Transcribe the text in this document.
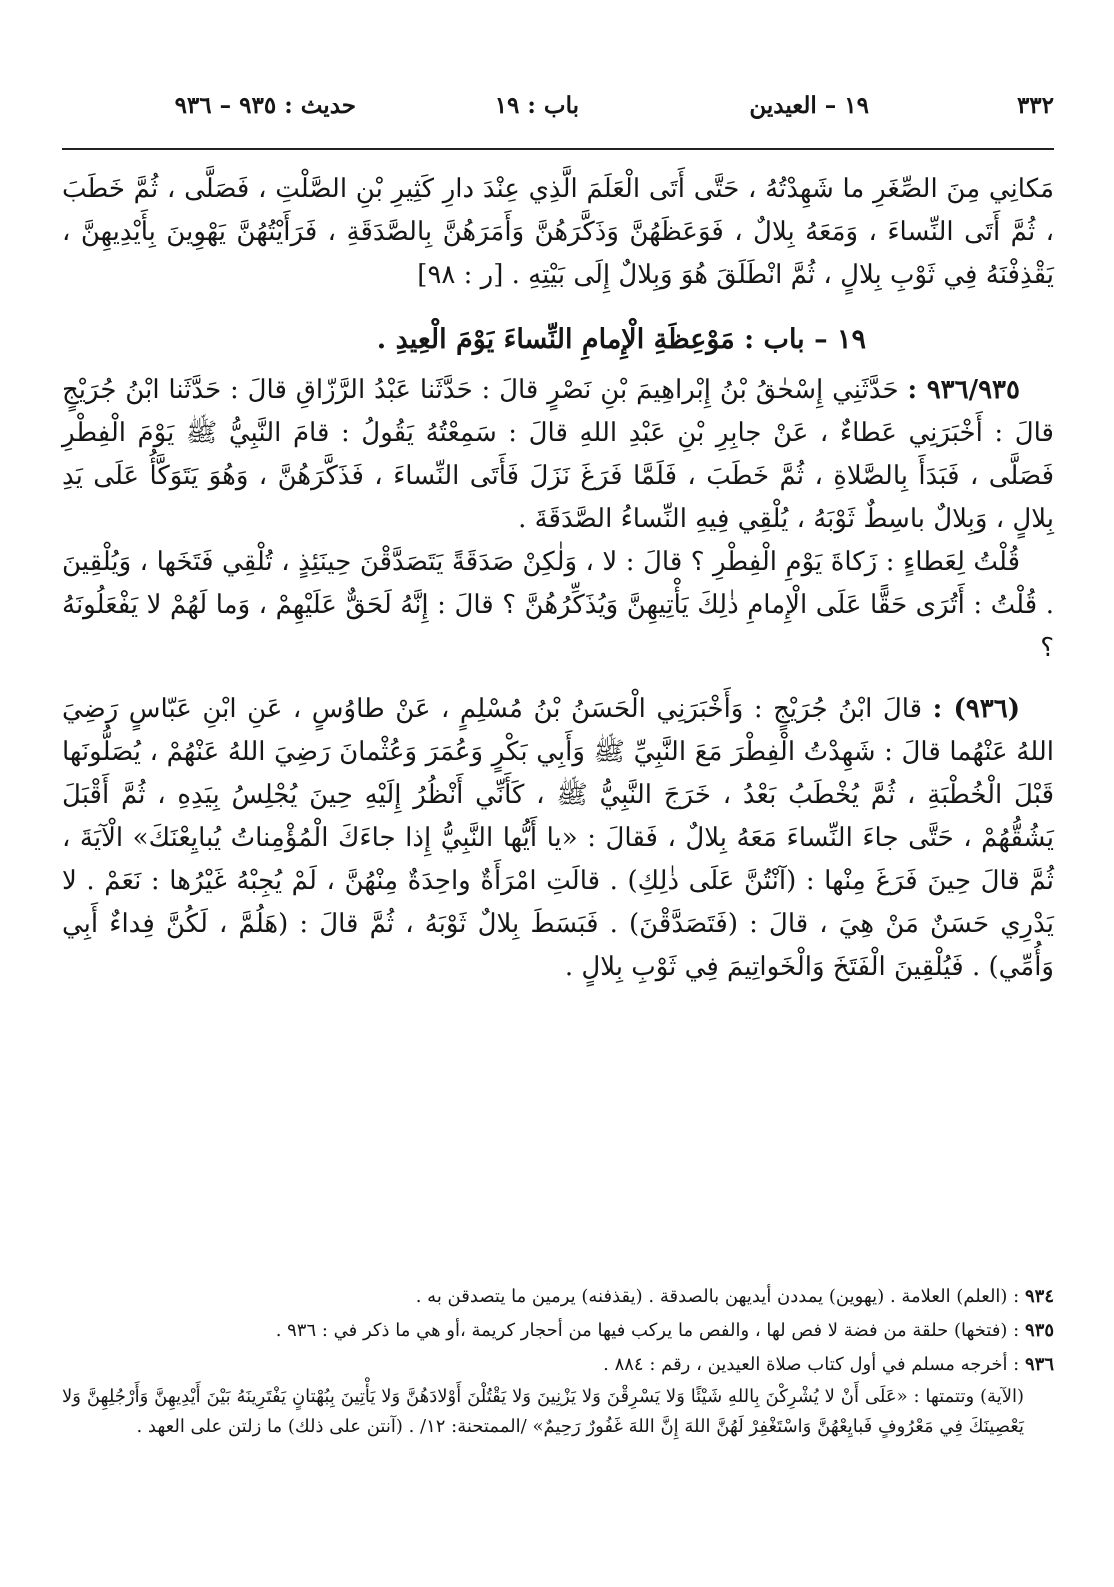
٣٣٢
١٩ – العيدين
باب : ١٩
حديث : ٩٣٥ – ٩٣٦

مَكانِي مِنَ الصِّغَرِ ما شَهِدْتُهُ ، حَتَّى أَتَى الْعَلَمَ الَّذِي عِنْدَ دارِ كَثِيرِ بْنِ الصَّلْتِ ، فَصَلَّى ، ثُمَّ خَطَبَ ، ثُمَّ أَتَى النِّساءَ ، وَمَعَهُ بِلالٌ ، فَوَعَظَهُنَّ وَذَكَّرَهُنَّ وَأَمَرَهُنَّ بِالصَّدَقَةِ ، فَرَأَيْتُهُنَّ يَهْوِينَ بِأَيْدِيهِنَّ ، يَقْذِفْنَهُ فِي ثَوْبِ بِلالٍ ، ثُمَّ انْطَلَقَ هُوَ وَبِلالٌ إِلَى بَيْتِهِ . [ر : ٩٨]

١٩ – باب : مَوْعِظَةِ الْإِمامِ النِّساءَ يَوْمَ الْعِيدِ .

٩٣٦/٩٣٥ : حَدَّثَنِي إِسْحٰقُ بْنُ إِبْراهِيمَ بْنِ نَصْرٍ قالَ : حَدَّثَنا عَبْدُ الرَّزّاقِ قالَ : حَدَّثَنا ابْنُ جُرَيْجٍ قالَ : أَخْبَرَنِي عَطاءٌ ، عَنْ جابِرِ بْنِ عَبْدِ اللهِ قالَ : سَمِعْتُهُ يَقُولُ : قامَ النَّبِيُّ ﷺ يَوْمَ الْفِطْرِ فَصَلَّى ، فَبَدَأَ بِالصَّلاةِ ، ثُمَّ خَطَبَ ، فَلَمَّا فَرَغَ نَزَلَ فَأَتَى النِّساءَ ، فَذَكَّرَهُنَّ ، وَهُوَ يَتَوَكَّأُ عَلَى يَدِ بِلالٍ ، وَبِلالٌ باسِطٌ ثَوْبَهُ ، يُلْقِي فِيهِ النِّساءُ الصَّدَقَةَ .

قُلْتُ لِعَطاءٍ : زَكاةَ يَوْمِ الْفِطْرِ ؟ قالَ : لا ، وَلٰكِنْ صَدَقَةً يَتَصَدَّقْنَ حِينَئِذٍ ، تُلْقِي فَتَخَها ، وَيُلْقِينَ . قُلْتُ : أَتُرَى حَقًّا عَلَى الْإِمامِ ذٰلِكَ يَأْتِيهِنَّ وَيُذَكِّرُهُنَّ ؟ قالَ : إِنَّهُ لَحَقٌّ عَلَيْهِمْ ، وَما لَهُمْ لا يَفْعَلُونَهُ ؟

(٩٣٦) : قالَ ابْنُ جُرَيْجٍ : وَأَخْبَرَنِي الْحَسَنُ بْنُ مُسْلِمٍ ، عَنْ طاوُسٍ ، عَنِ ابْنِ عَبّاسٍ رَضِيَ اللهُ عَنْهُما قالَ : شَهِدْتُ الْفِطْرَ مَعَ النَّبِيِّ ﷺ وَأَبِي بَكْرٍ وَعُمَرَ وَعُثْمانَ رَضِيَ اللهُ عَنْهُمْ ، يُصَلُّونَها قَبْلَ الْخُطْبَةِ ، ثُمَّ يُخْطَبُ بَعْدُ ، خَرَجَ النَّبِيُّ ﷺ ، كَأَنِّي أَنْظُرُ إِلَيْهِ حِينَ يُجْلِسُ بِيَدِهِ ، ثُمَّ أَقْبَلَ يَشُقُّهُمْ ، حَتَّى جاءَ النِّساءَ مَعَهُ بِلالٌ ، فَقالَ : «يا أَيُّها النَّبِيُّ إِذا جاءَكَ الْمُؤْمِناتُ يُبايِعْنَكَ» الْآيَةَ ، ثُمَّ قالَ حِينَ فَرَغَ مِنْها : (آنْتُنَّ عَلَى ذٰلِكِ) . قالَتِ امْرَأَةٌ واحِدَةٌ مِنْهُنَّ ، لَمْ يُجِبْهُ غَيْرُها : نَعَمْ . لا يَدْرِي حَسَنٌ مَنْ هِيَ ، قالَ : (فَتَصَدَّقْنَ) . فَبَسَطَ بِلالٌ ثَوْبَهُ ، ثُمَّ قالَ : (هَلُمَّ ، لَكُنَّ فِداءٌ أَبِي وَأُمِّي) . فَيُلْقِينَ الْفَتَخَ وَالْخَواتِيمَ فِي ثَوْبِ بِلالٍ .

٩٣٤ : (العلم) العلامة . (يهوين) يمددن أيديهن بالصدقة . (يقذفنه) يرمين ما يتصدقن به .

٩٣٥ : (فتخها) حلقة من فضة لا فص لها ، والفص ما يركب فيها من أحجار كريمة ،أو هي ما ذكر في : ٩٣٦ .

٩٣٦ : أخرجه مسلم في أول كتاب صلاة العيدين ، رقم : ٨٨٤ .

(الآية) وتتمتها : «عَلَى أَنْ لا يُشْرِكْنَ بِاللهِ شَيْئًا وَلا يَسْرِقْنَ وَلا يَزْنِينَ وَلا يَقْتُلْنَ أَوْلادَهُنَّ وَلا يَأْتِينَ بِبُهْتانٍ يَفْتَرِينَهُ بَيْنَ أَيْدِيهِنَّ وَأَرْجُلِهِنَّ وَلا يَعْصِينَكَ فِي مَعْرُوفٍ فَبايِعْهُنَّ وَاسْتَغْفِرْ لَهُنَّ اللهَ إِنَّ اللهَ غَفُورٌ رَحِيمٌ» /الممتحنة: ١٢/ . (آنتن على ذلك) ما زلتن على العهد .
